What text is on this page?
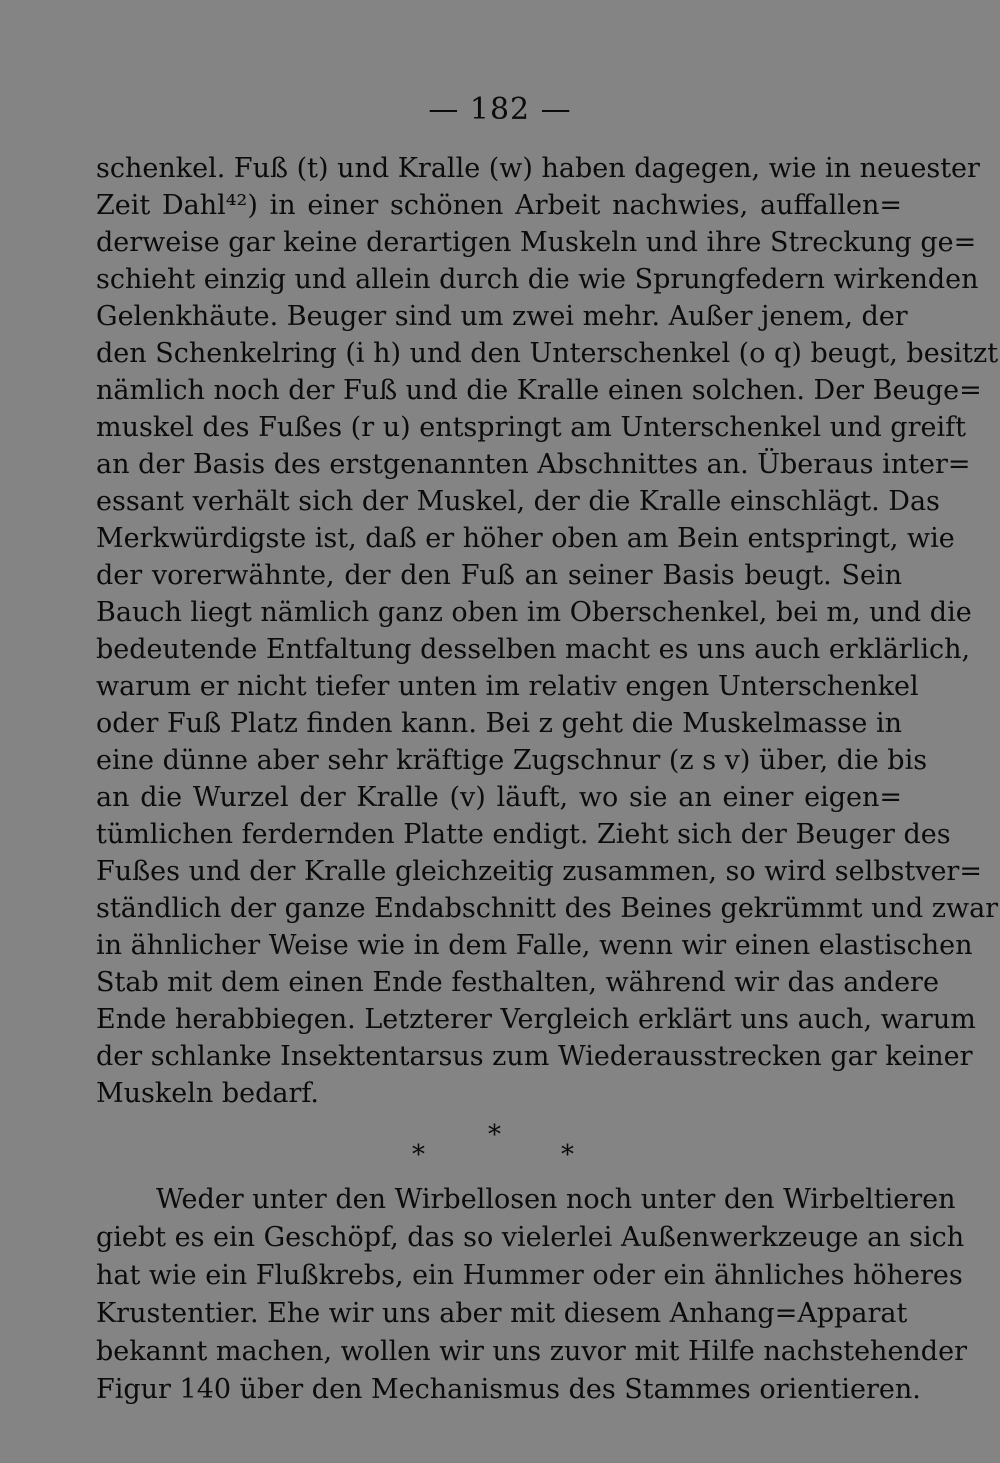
— 182 —
schenkel. Fuß (t) und Kralle (w) haben dagegen, wie in neuester
Zeit Dahl⁴²) in einer schönen Arbeit nachwies, auffallen=
derweise gar keine derartigen Muskeln und ihre Streckung ge=
schieht einzig und allein durch die wie Sprungfedern wirkenden
Gelenkhäute. Beuger sind um zwei mehr. Außer jenem, der
den Schenkelring (i h) und den Unterschenkel (o q) beugt, besitzt
nämlich noch der Fuß und die Kralle einen solchen. Der Beuge=
muskel des Fußes (r u) entspringt am Unterschenkel und greift
an der Basis des erstgenannten Abschnittes an. Überaus inter=
essant verhält sich der Muskel, der die Kralle einschlägt. Das
Merkwürdigste ist, daß er höher oben am Bein entspringt, wie
der vorerwähnte, der den Fuß an seiner Basis beugt. Sein
Bauch liegt nämlich ganz oben im Oberschenkel, bei m, und die
bedeutende Entfaltung desselben macht es uns auch erklärlich,
warum er nicht tiefer unten im relativ engen Unterschenkel
oder Fuß Platz finden kann. Bei z geht die Muskelmasse in
eine dünne aber sehr kräftige Zugschnur (z s v) über, die bis
an die Wurzel der Kralle (v) läuft, wo sie an einer eigen=
tümlichen ferdernden Platte endigt. Zieht sich der Beuger des
Fußes und der Kralle gleichzeitig zusammen, so wird selbstver=
ständlich der ganze Endabschnitt des Beines gekrümmt und zwar
in ähnlicher Weise wie in dem Falle, wenn wir einen elastischen
Stab mit dem einen Ende festhalten, während wir das andere
Ende herabbiegen. Letzterer Vergleich erklärt uns auch, warum
der schlanke Insektentarsus zum Wiederausstrecken gar keiner
Muskeln bedarf.
*
*	*
Weder unter den Wirbellosen noch unter den Wirbeltieren
giebt es ein Geschöpf, das so vielerlei Außenwerkzeuge an sich
hat wie ein Flußkrebs, ein Hummer oder ein ähnliches höheres
Krustentier. Ehe wir uns aber mit diesem Anhang=Apparat
bekannt machen, wollen wir uns zuvor mit Hilfe nachstehender
Figur 140 über den Mechanismus des Stammes orientieren.
